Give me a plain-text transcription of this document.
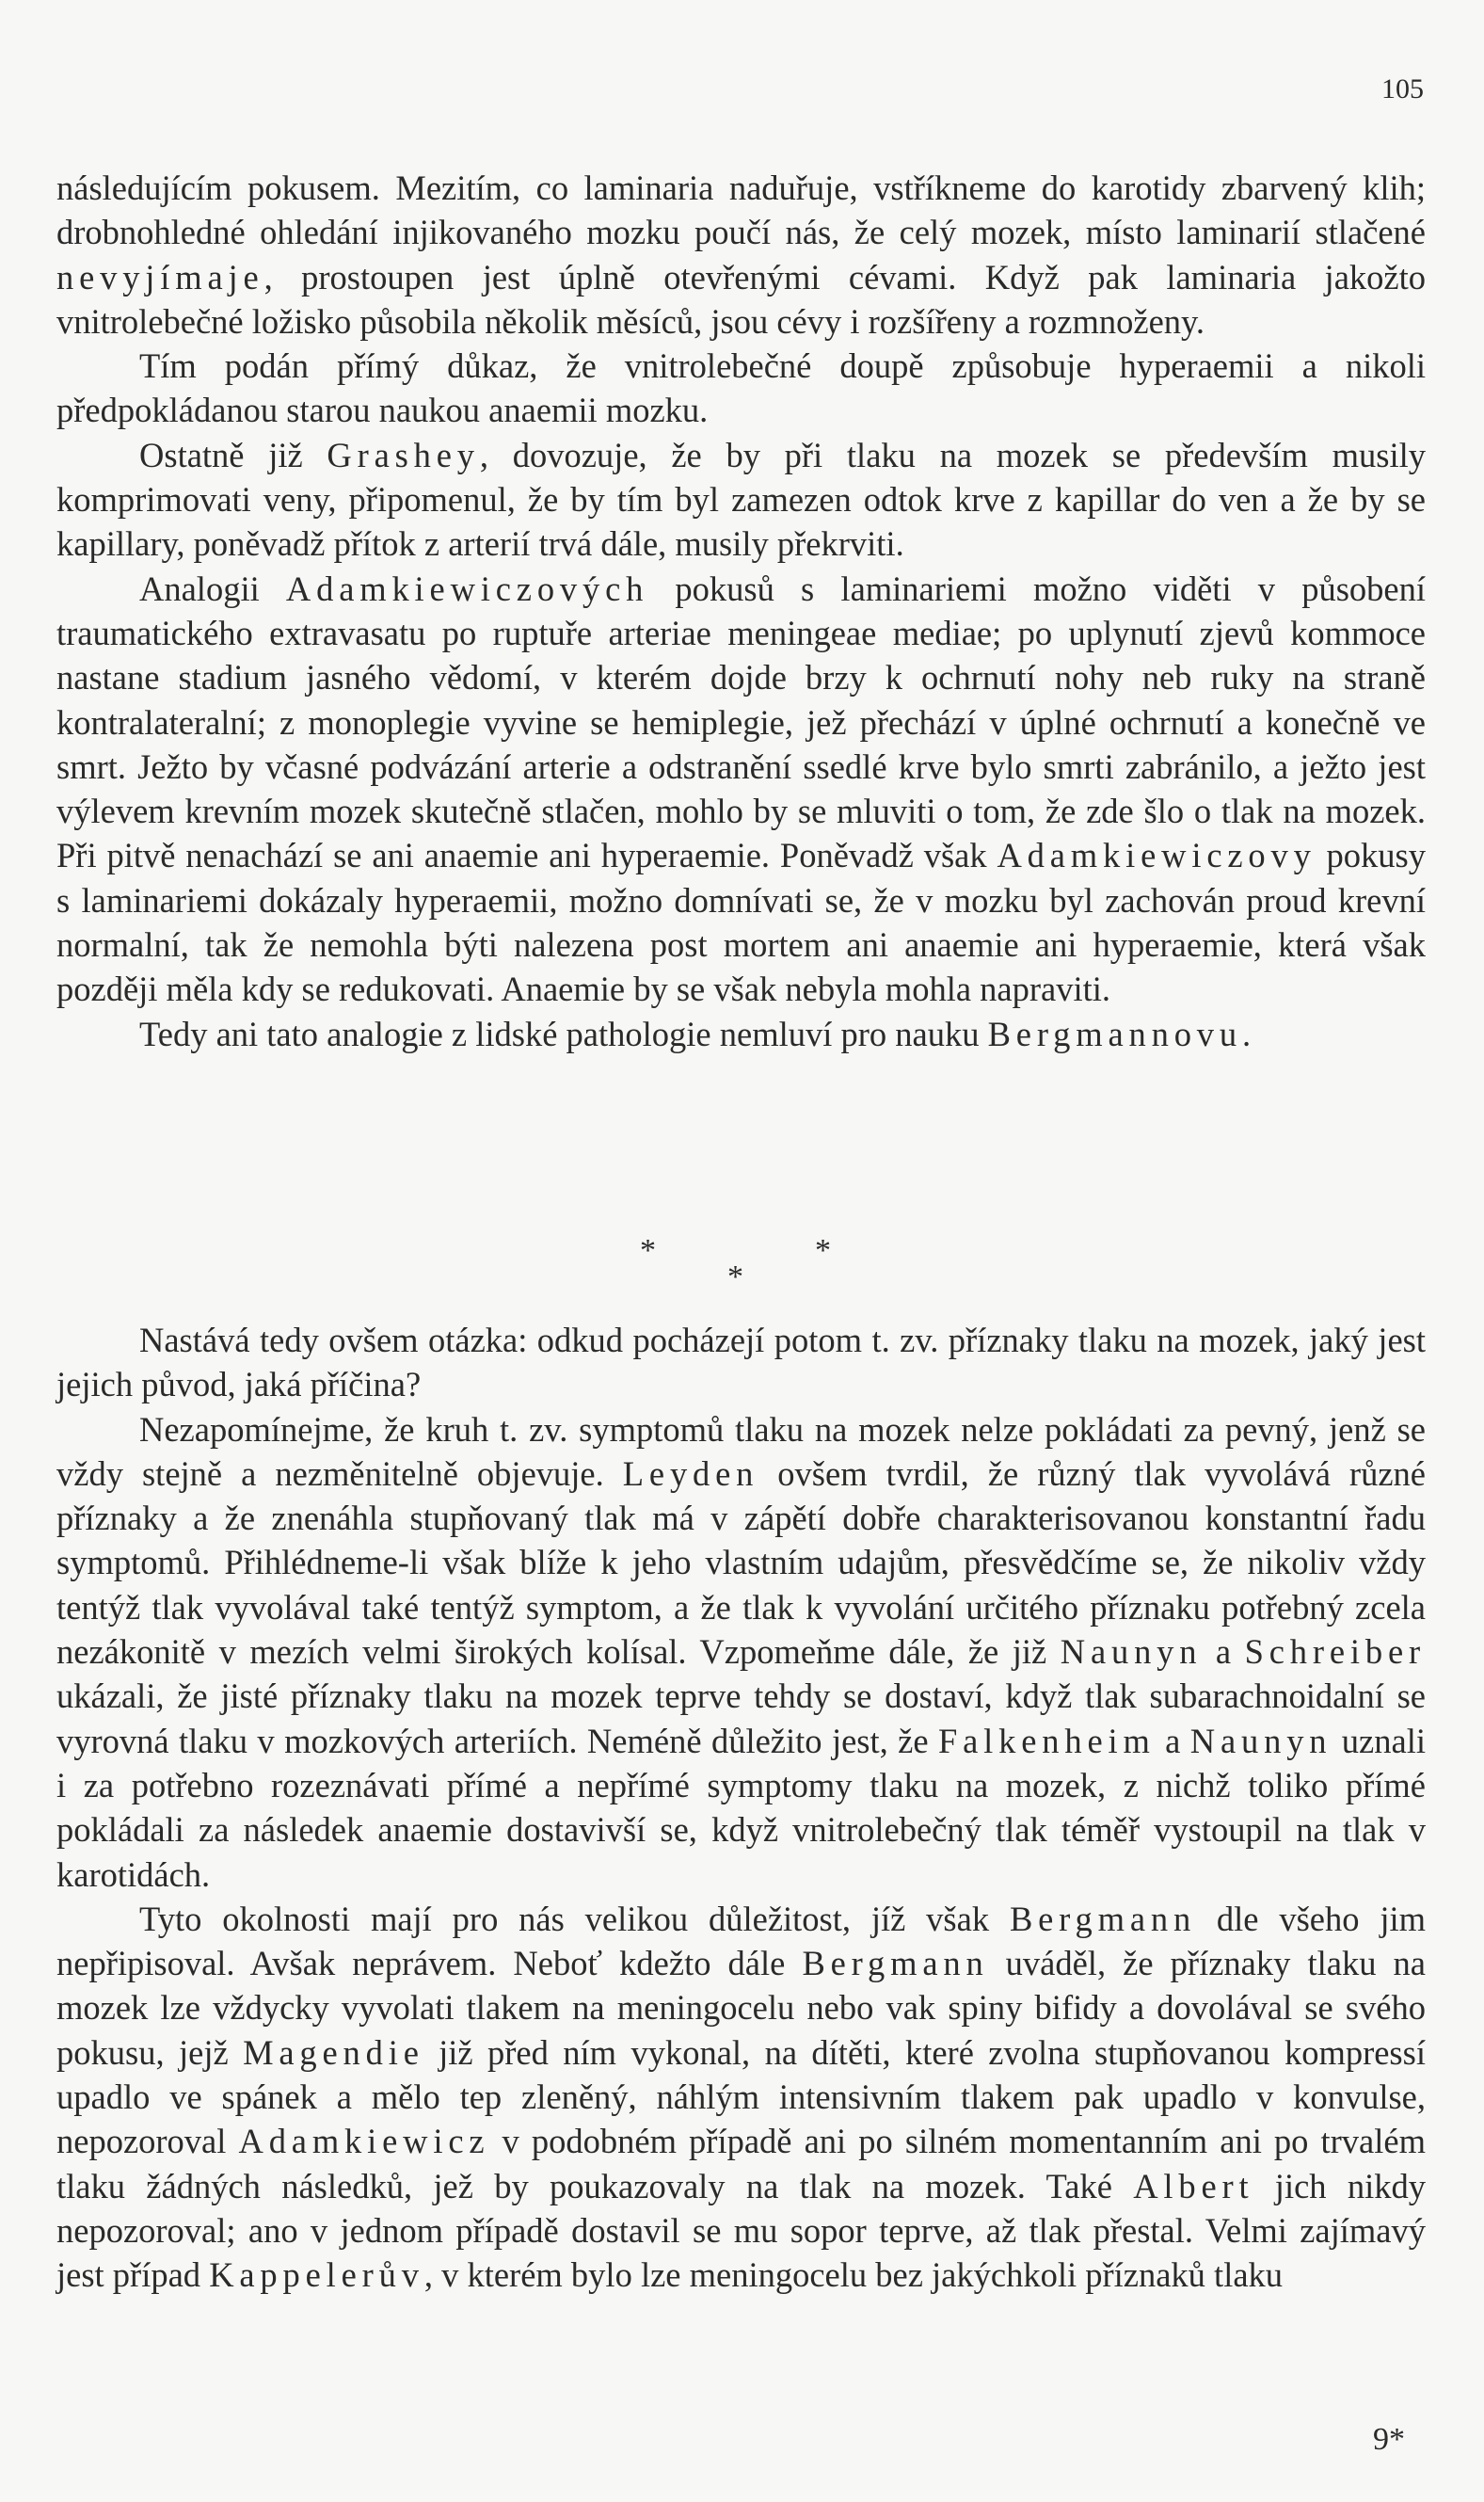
105

následujícím pokusem. Mezitím, co laminaria naduřuje, vstříkneme do karotidy zbarvený klih; drobnohledné ohledání injikovaného mozku poučí nás, že celý mozek, místo laminarií stlačené nevyjímaje, prostoupen jest úplně otevřenými cévami. Když pak laminaria jakožto vnitrolebečné ložisko působila několik měsíců, jsou cévy i rozšířeny a rozmnoženy.

Tím podán přímý důkaz, že vnitrolebečné doupě způsobuje hyperaemii a nikoli předpokládanou starou naukou anaemii mozku.

Ostatně již Grashey, dovozuje, že by při tlaku na mozek se především musily komprimovati veny, připomenul, že by tím byl zamezen odtok krve z kapillar do ven a že by se kapillary, poněvadž přítok z arterií trvá dále, musily překrviti.

Analogii Adamkiewiczových pokusů s laminariemi možno viděti v působení traumatického extravasatu po ruptuře arteriae meningeae mediae; po uplynutí zjevů kommoce nastane stadium jasného vědomí, v kterém dojde brzy k ochrnutí nohy neb ruky na straně kontralateralní; z monoplegie vyvine se hemiplegie, jež přechází v úplné ochrnutí a konečně ve smrt. Ježto by včasné podvázání arterie a odstranění ssedlé krve bylo smrti zabránilo, a ježto jest výlevem krevním mozek skutečně stlačen, mohlo by se mluviti o tom, že zde šlo o tlak na mozek. Při pitvě nenachází se ani anaemie ani hyperaemie. Poněvadž však Adamkiewiczovy pokusy s laminariemi dokázaly hyperaemii, možno domnívati se, že v mozku byl zachován proud krevní normalní, tak že nemohla býti nalezena post mortem ani anaemie ani hyperaemie, která však později měla kdy se redukovati. Anaemie by se však nebyla mohla napraviti.

Tedy ani tato analogie z lidské pathologie nemluví pro nauku Bergmannovu.

*	*
*

Nastává tedy ovšem otázka: odkud pocházejí potom t. zv. příznaky tlaku na mozek, jaký jest jejich původ, jaká příčina?

Nezapomínejme, že kruh t. zv. symptomů tlaku na mozek nelze pokládati za pevný, jenž se vždy stejně a nezměnitelně objevuje. Leyden ovšem tvrdil, že různý tlak vyvolává různé příznaky a že znenáhla stupňovaný tlak má v zápětí dobře charakterisovanou konstantní řadu symptomů. Přihlédneme-li však blíže k jeho vlastním udajům, přesvědčíme se, že nikoliv vždy tentýž tlak vyvolával také tentýž symptom, a že tlak k vyvolání určitého příznaku potřebný zcela nezákonitě v mezích velmi širokých kolísal. Vzpomeňme dále, že již Naunyn a Schreiber ukázali, že jisté příznaky tlaku na mozek teprve tehdy se dostaví, když tlak subarachnoidalní se vyrovná tlaku v mozkových arteriích. Neméně důležito jest, že Falkenheim a Naunyn uznali i za potřebno rozeznávati přímé a nepřímé symptomy tlaku na mozek, z nichž toliko přímé pokládali za následek anaemie dostavivší se, když vnitrolebečný tlak téměř vystoupil na tlak v karotidách.

Tyto okolnosti mají pro nás velikou důležitost, jíž však Bergmann dle všeho jim nepřipisoval. Avšak neprávem. Neboť kdežto dále Bergmann uváděl, že příznaky tlaku na mozek lze vždycky vyvolati tlakem na meningocelu nebo vak spiny bifidy a dovolával se svého pokusu, jejž Magendie již před ním vykonal, na dítěti, které zvolna stupňovanou kompressí upadlo ve spánek a mělo tep zleněný, náhlým intensivním tlakem pak upadlo v konvulse, nepozoroval Adamkiewicz v podobném případě ani po silném momentanním ani po trvalém tlaku žádných následků, jež by poukazovaly na tlak na mozek. Také Albert jich nikdy nepozoroval; ano v jednom případě dostavil se mu sopor teprve, až tlak přestal. Velmi zajímavý jest případ Kappelerův, v kterém bylo lze meningocelu bez jakýchkoli příznaků tlaku

9*
